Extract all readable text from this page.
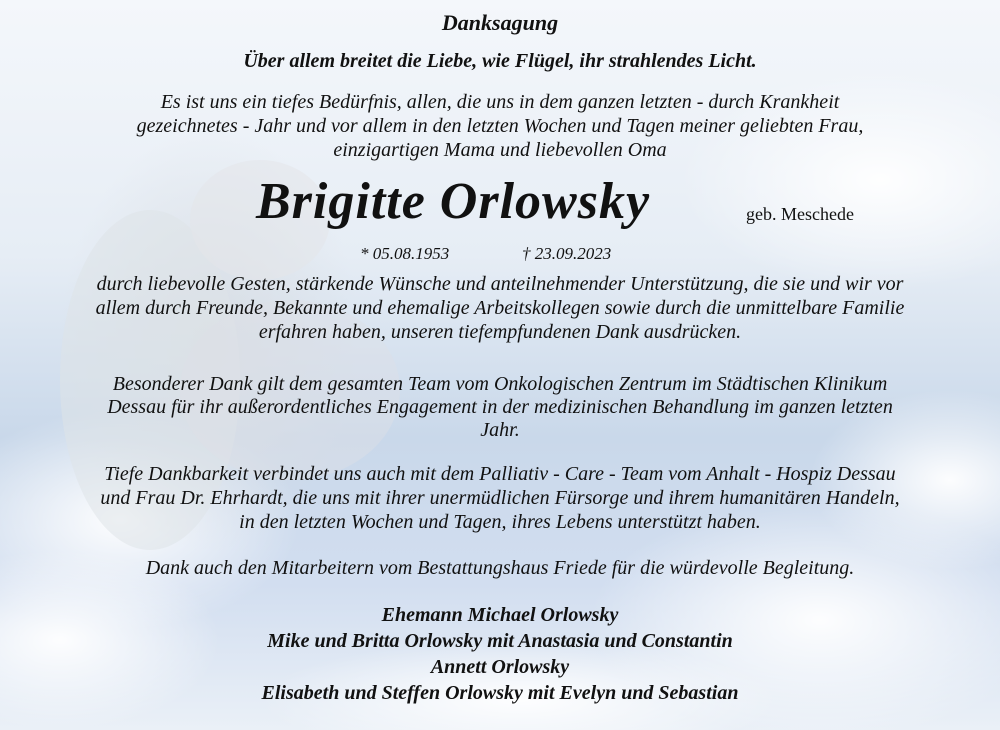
Danksagung
Über allem breitet die Liebe, wie Flügel, ihr strahlendes Licht.
Es ist uns ein tiefes Bedürfnis, allen, die uns in dem ganzen letzten - durch Krankheit
gezeichnetes - Jahr und vor allem in den letzten Wochen und Tagen meiner geliebten Frau,
einzigartigen Mama und liebevollen Oma
Brigitte Orlowsky	geb. Meschede
* 05.08.1953	† 23.09.2023
durch liebevolle Gesten, stärkende Wünsche und anteilnehmender Unterstützung, die sie und wir vor
allem durch Freunde, Bekannte und ehemalige Arbeitskollegen sowie durch die unmittelbare Familie
erfahren haben, unseren tiefempfundenen Dank ausdrücken.
Besonderer Dank gilt dem gesamten Team vom Onkologischen Zentrum im Städtischen Klinikum
Dessau für ihr außerordentliches Engagement in der medizinischen Behandlung im ganzen letzten
Jahr.
Tiefe Dankbarkeit verbindet uns auch mit dem Palliativ - Care - Team vom Anhalt - Hospiz Dessau
und Frau Dr. Ehrhardt, die uns mit ihrer unermüdlichen Fürsorge und ihrem humanitären Handeln,
in den letzten Wochen und Tagen, ihres Lebens unterstützt haben.
Dank auch den Mitarbeitern vom Bestattungshaus Friede für die würdevolle Begleitung.
Ehemann Michael Orlowsky
Mike und Britta Orlowsky mit Anastasia und Constantin
Annett Orlowsky
Elisabeth und Steffen Orlowsky mit Evelyn und Sebastian
